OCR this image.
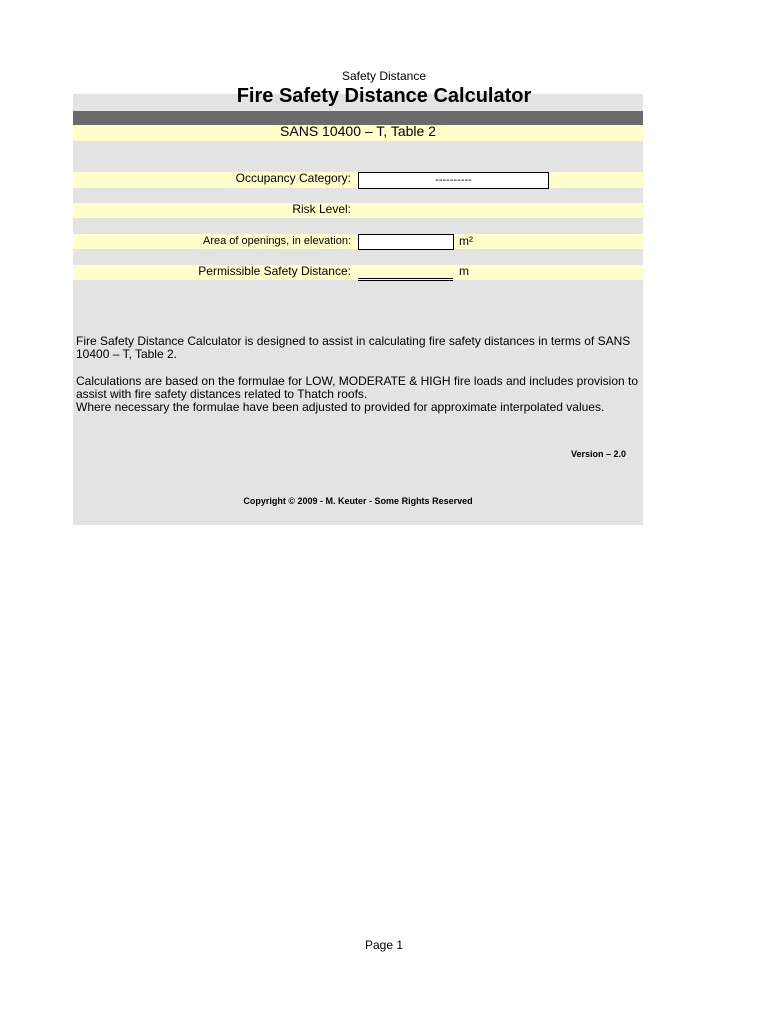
Safety Distance
Fire Safety Distance Calculator
SANS 10400 – T, Table 2
Occupancy Category:	----------
Risk Level:
Area of openings, in elevation:	m²
Permissible Safety Distance:	m
Fire Safety Distance Calculator is designed to assist in calculating fire safety distances in terms of SANS 10400 – T, Table 2.
Calculations are based on the formulae for LOW, MODERATE & HIGH fire loads and includes provision to assist with fire safety distances related to Thatch roofs.
Where necessary the formulae have been adjusted to provided for approximate interpolated values.
Version – 2.0
Copyright © 2009 - M. Keuter - Some Rights Reserved
Page 1
